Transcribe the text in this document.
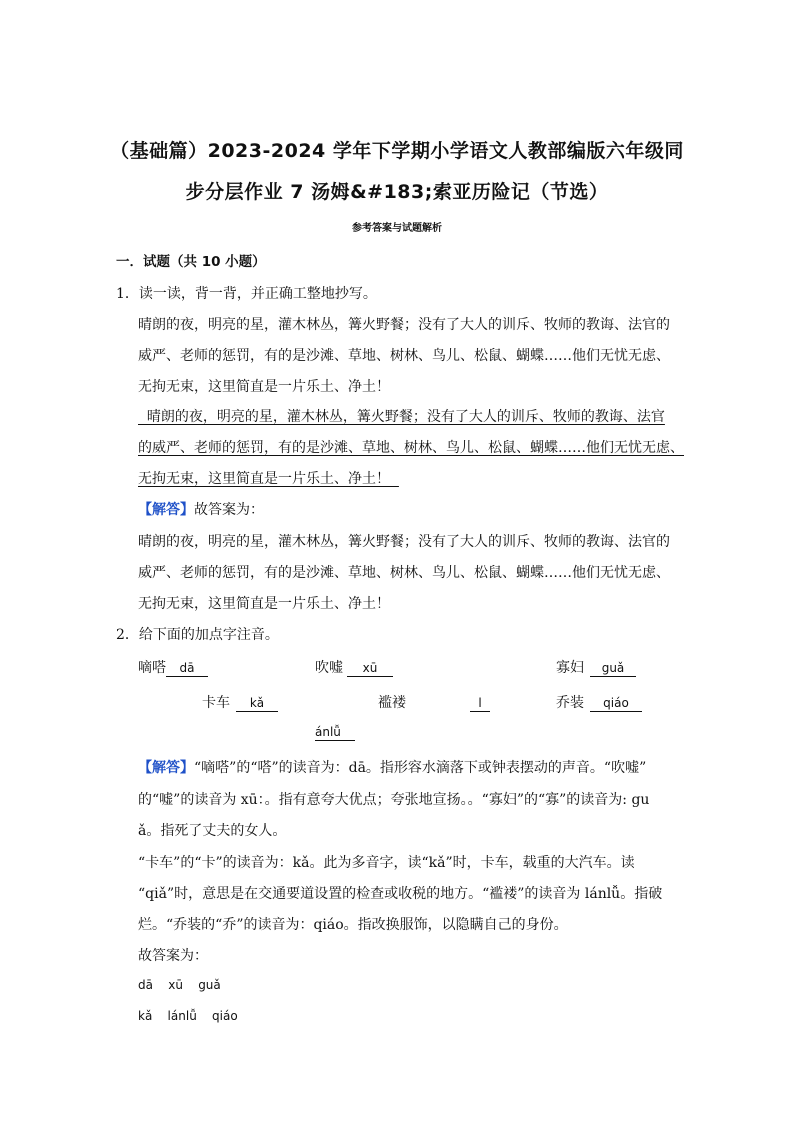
（基础篇）2023-2024 学年下学期小学语文人教部编版六年级同
步分层作业 7 汤姆&#183;索亚历险记（节选）
参考答案与试题解析
一．试题（共 10 小题）
1．读一读，背一背，并正确工整地抄写。
晴朗的夜，明亮的星，灌木林丛，篝火野餐；没有了大人的训斥、牧师的教诲、法官的
威严、老师的惩罚，有的是沙滩、草地、树林、鸟儿、松鼠、蝴蝶……他们无忧无虑、
无拘无束，这里简直是一片乐土、净土！
晴朗的夜，明亮的星，灌木林丛，篝火野餐；没有了大人的训斥、牧师的教诲、法官
的威严、老师的惩罚，有的是沙滩、草地、树林、鸟儿、松鼠、蝴蝶……他们无忧无虑、
无拘无束，这里简直是一片乐土、净土！
【解答】故答案为：
晴朗的夜，明亮的星，灌木林丛，篝火野餐；没有了大人的训斥、牧师的教诲、法官的
威严、老师的惩罚，有的是沙滩、草地、树林、鸟儿、松鼠、蝴蝶……他们无忧无虑、
无拘无束，这里简直是一片乐土、净土！
2．给下面的加点字注音。
嘀嗒 dā	吹嘘 xū	寡妇 guǎ
卡车 kǎ	褴褛	l	乔装 qiáo
ánlǚ
【解答】“嘀嗒”的“嗒”的读音为：dā。指形容水滴落下或钟表摆动的声音。“吹嘘”
的“嘘”的读音为 xū：。指有意夸大优点；夸张地宣扬。。“寡妇”的“寡”的读音为: gu
ǎ。指死了丈夫的女人。
“卡车”的“卡”的读音为：kǎ。此为多音字，读“kǎ”时，卡车，载重的大汽车。读
“qiǎ”时，意思是在交通要道设置的检查或收税的地方。“褴褛”的读音为 lánlǚ。指破
烂。“乔装的“乔”的读音为：qiáo。指改换服饰，以隐瞒自己的身份。
故答案为：
dā    xū    guǎ
kǎ    lánlǚ    qiáo
